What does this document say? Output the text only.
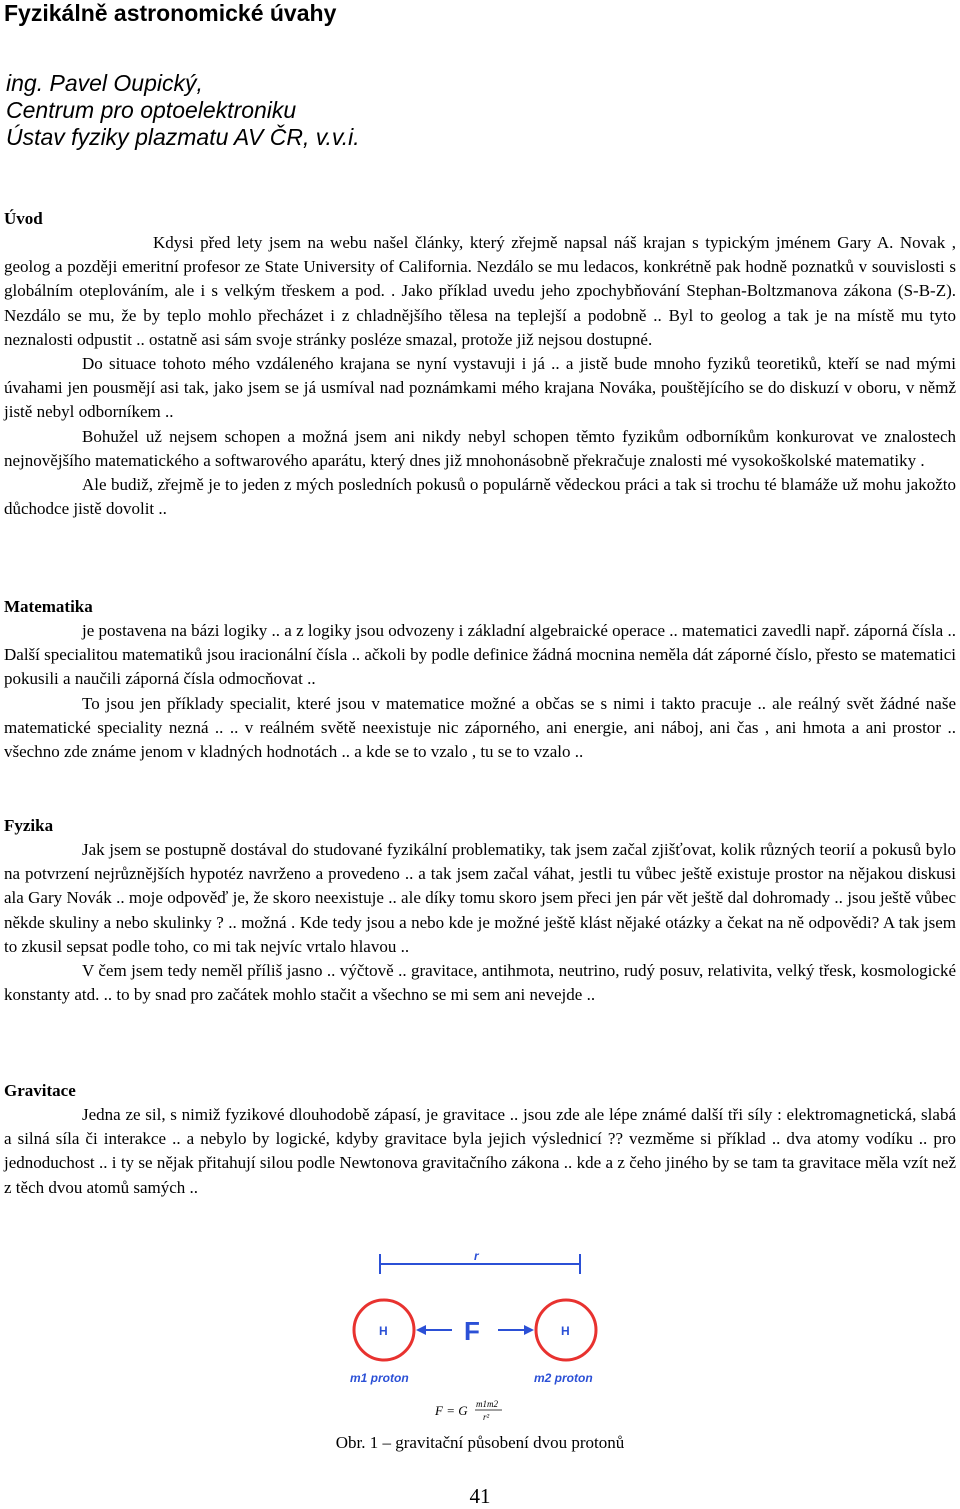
Fyzikálně astronomické úvahy
ing. Pavel Oupický,
Centrum pro optoelektroniku
Ústav fyziky plazmatu AV ČR, v.v.i.
Úvod

Kdysi před lety jsem na webu našel články, který zřejmě napsal náš krajan s typickým jménem Gary A. Novak , geolog a později emeritní profesor ze State University of California. Nezdálo se mu ledacos, konkrétně pak hodně poznatků v souvislosti s globálním oteplováním, ale i s velkým třeskem a pod. . Jako příklad uvedu jeho zpochybňování Stephan-Boltzmanova zákona (S-B-Z). Nezdálo se mu, že by teplo mohlo přecházet i z chladnějšího tělesa na teplejší a podobně .. Byl to geolog a tak je na místě mu tyto neznalosti odpustit .. ostatně asi sám svoje stránky posléze smazal, protože již nejsou dostupné.

Do situace tohoto mého vzdáleného krajana se nyní vystavuji i já .. a jistě bude mnoho fyziků teoretiků, kteří se nad mými úvahami jen pousmějí asi tak, jako jsem se já usmíval nad poznámkami mého krajana Nováka, pouštějícího se do diskuzí v oboru, v němž jistě nebyl odborníkem ..

Bohužel už nejsem schopen a možná jsem ani nikdy nebyl schopen těmto fyzikům odborníkům konkurovat ve znalostech nejnovějšího matematického a softwarového aparátu, který dnes již mnohonásobně překračuje znalosti mé vysokoškolské matematiky .

Ale budiž, zřejmě je to jeden z mých posledních pokusů o populárně vědeckou práci a tak si trochu té blamáže už mohu jakožto důchodce jistě dovolit ..

Matematika

je postavena na bázi logiky .. a z logiky jsou odvozeny i základní algebraické operace .. matematici zavedli např. záporná čísla .. Další specialitou matematiků jsou iracionální čísla .. ačkoli by podle definice žádná mocnina neměla dát záporné číslo, přesto se matematici pokusili a naučili záporná čísla odmocňovat ..

To jsou jen příklady specialit, které jsou v matematice možné a občas se s nimi i takto pracuje .. ale reálný svět žádné naše matematické speciality nezná .. .. v reálném světě neexistuje nic záporného, ani energie, ani náboj, ani čas , ani hmota a ani prostor .. všechno zde známe jenom v kladných hodnotách .. a kde se to vzalo , tu se to vzalo ..

Fyzika

Jak jsem se postupně dostával do studované fyzikální problematiky, tak jsem začal zjišťovat, kolik různých teorií a pokusů bylo na potvrzení nejrůznějších hypotéz navrženo a provedeno .. a tak jsem začal váhat, jestli tu vůbec ještě existuje prostor na nějakou diskusi ala Gary Novák .. moje odpověď je, že skoro neexistuje .. ale díky tomu skoro jsem přeci jen pár vět ještě dal dohromady .. jsou ještě vůbec někde skuliny a nebo skulinky ? .. možná . Kde tedy jsou a nebo kde je možné ještě klást nějaké otázky a čekat na ně odpovědi? A tak jsem to zkusil sepsat podle toho, co mi tak nejvíc vrtalo hlavou ..

V čem jsem tedy neměl příliš jasno .. výčtově .. gravitace, antihmota, neutrino, rudý posuv, relativita, velký třesk, kosmologické konstanty atd. .. to by snad pro začátek mohlo stačit a všechno se mi sem ani nevejde ..

Gravitace

Jedna ze sil, s nimiž fyzikové dlouhodobě zápasí, je gravitace .. jsou zde ale lépe známé další tři síly : elektromagnetická, slabá a silná síla či interakce .. a nebylo by logické, kdyby gravitace byla jejich výslednicí ?? vezměme si příklad .. dva atomy vodíku .. pro jednoduchost .. i ty se nějak přitahují silou podle Newtonova gravitačního zákona .. kde a z čeho jiného by se tam ta gravitace měla vzít než z těch dvou atomů samých ..

r
H	H
F
m1 proton	m2 proton
F = G m1m2
r²
Obr. 1 – gravitační působení dvou protonů
41
